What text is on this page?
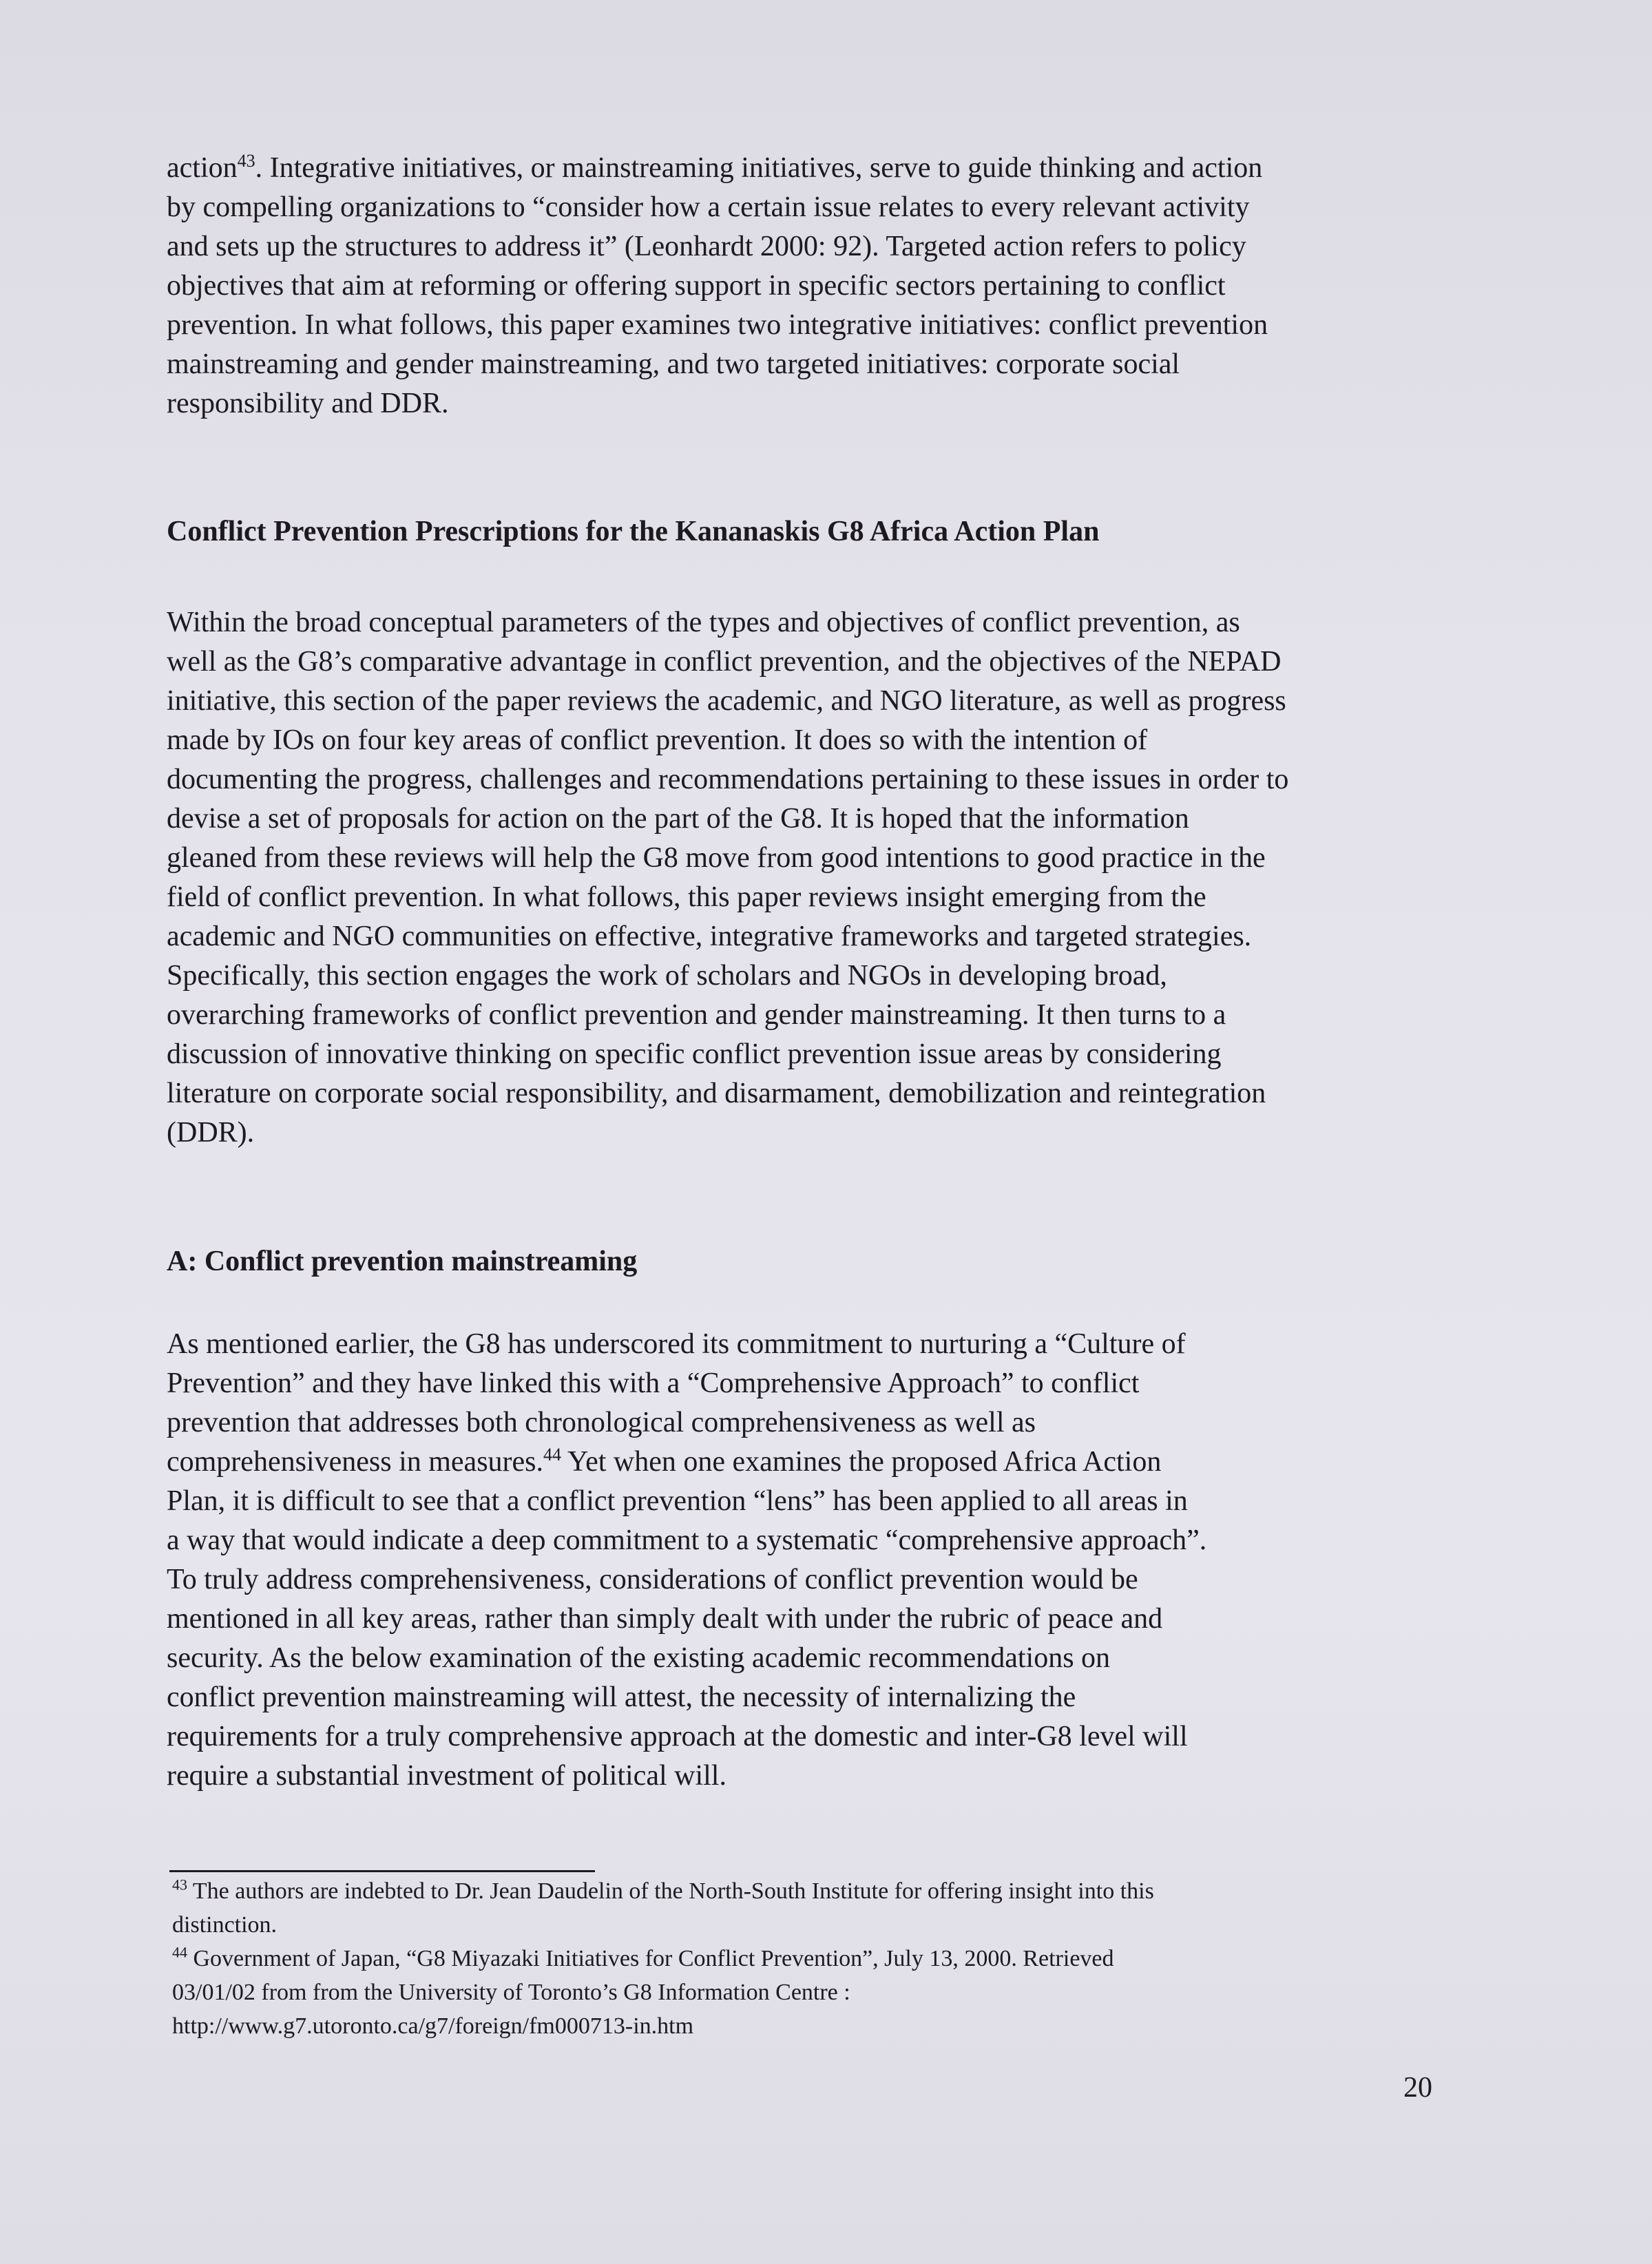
action$^{43}$. Integrative initiatives, or mainstreaming initiatives, serve to guide thinking and action

by compelling organizations to “consider how a certain issue relates to every relevant activity

and sets up the structures to address it” (Leonhardt 2000: 92). Targeted action refers to policy

objectives that aim at reforming or offering support in specific sectors pertaining to conflict

prevention. In what follows, this paper examines two integrative initiatives: conflict prevention

mainstreaming and gender mainstreaming, and two targeted initiatives: corporate social

responsibility and DDR.

Conflict Prevention Prescriptions for the Kananaskis G8 Africa Action Plan

Within the broad conceptual parameters of the types and objectives of conflict prevention, as

well as the G8’s comparative advantage in conflict prevention, and the objectives of the NEPAD

initiative, this section of the paper reviews the academic, and NGO literature, as well as progress

made by IOs on four key areas of conflict prevention. It does so with the intention of

documenting the progress, challenges and recommendations pertaining to these issues in order to

devise a set of proposals for action on the part of the G8. It is hoped that the information

gleaned from these reviews will help the G8 move from good intentions to good practice in the

field of conflict prevention. In what follows, this paper reviews insight emerging from the

academic and NGO communities on effective, integrative frameworks and targeted strategies.

Specifically, this section engages the work of scholars and NGOs in developing broad,

overarching frameworks of conflict prevention and gender mainstreaming. It then turns to a

discussion of innovative thinking on specific conflict prevention issue areas by considering

literature on corporate social responsibility, and disarmament, demobilization and reintegration

(DDR).

A: Conflict prevention mainstreaming

As mentioned earlier, the G8 has underscored its commitment to nurturing a “Culture of

Prevention” and they have linked this with a “Comprehensive Approach” to conflict

prevention that addresses both chronological comprehensiveness as well as

comprehensiveness in measures.$^{44}$ Yet when one examines the proposed Africa Action

Plan, it is difficult to see that a conflict prevention “lens” has been applied to all areas in

a way that would indicate a deep commitment to a systematic “comprehensive approach”.

To truly address comprehensiveness, considerations of conflict prevention would be

mentioned in all key areas, rather than simply dealt with under the rubric of peace and

security. As the below examination of the existing academic recommendations on

conflict prevention mainstreaming will attest, the necessity of internalizing the

requirements for a truly comprehensive approach at the domestic and inter-G8 level will

require a substantial investment of political will.

$^{43}$ The authors are indebted to Dr. Jean Daudelin of the North-South Institute for offering insight into this

distinction.

$^{44}$ Government of Japan, “G8 Miyazaki Initiatives for Conflict Prevention”, July 13, 2000. Retrieved

03/01/02 from from the University of Toronto’s G8 Information Centre :

http://www.g7.utoronto.ca/g7/foreign/fm000713-in.htm

20
